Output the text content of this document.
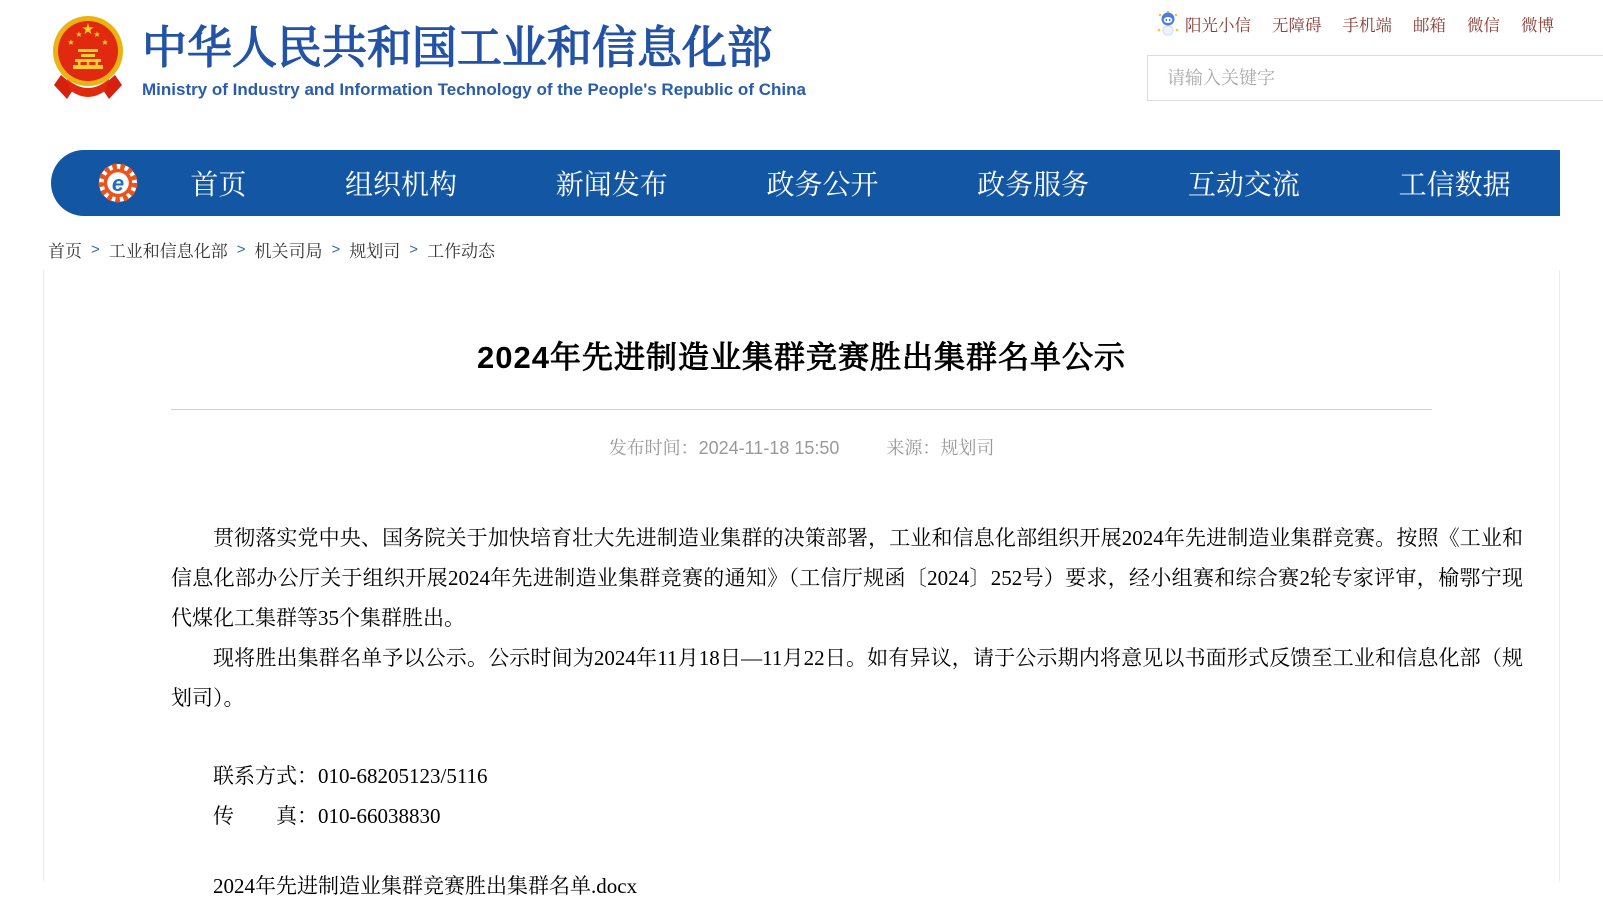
★
★
★ ★
★ 中华人民共和国工业和信息化部
Ministry of Industry and Information Technology of the People's Republic of China
阳光小信 无障碍 手机端 邮箱 微信 微博
请输入关键字
e 首页	组织机构	新闻发布	政务公开	政务服务	互动交流	工信数据
首页 > 工业和信息化部 > 机关司局 > 规划司 > 工作动态
2024年先进制造业集群竞赛胜出集群名单公示
发布时间：2024-11-18 15:50	来源：规划司

贯彻落实党中央、国务院关于加快培育壮大先进制造业集群的决策部署，工业和信息化部组织开展2024年先进制造业集群竞赛。按照《工业和信息化部办公厅关于组织开展2024年先进制造业集群竞赛的通知》（工信厅规函〔2024〕252号）要求，经小组赛和综合赛2轮专家评审，榆鄂宁现代煤化工集群等35个集群胜出。

现将胜出集群名单予以公示。公示时间为2024年11月18日—11月22日。如有异议，请于公示期内将意见以书面形式反馈至工业和信息化部（规划司）。

联系方式：010-68205123/5116

传　　真：010-66038830

2024年先进制造业集群竞赛胜出集群名单.docx
